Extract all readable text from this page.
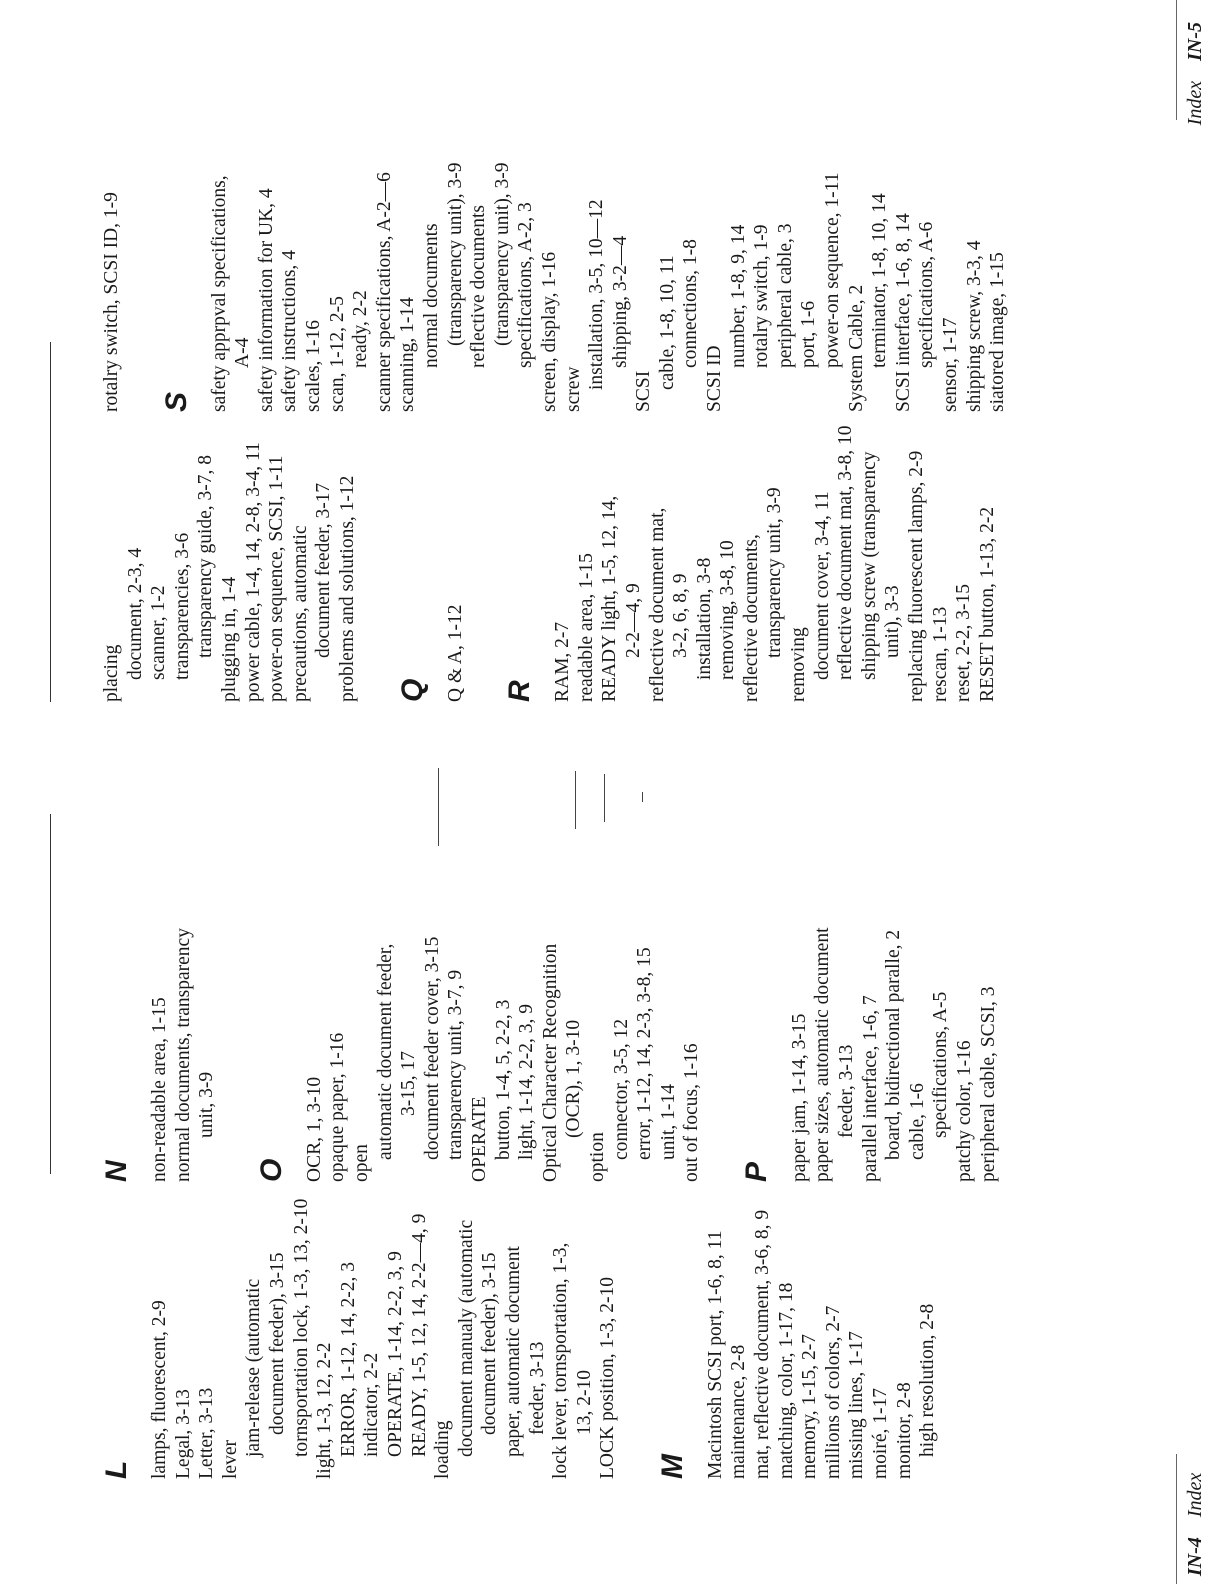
L lamps, fluorescent, 2-9 Legal, 3-13 Letter, 3-13 lever
jam-release (automatic document feeder), 3-15 tornsportation lock, 1-3, 13, 2-10 light, 1-3, 12, 2-2 ERROR, 1-12, 14, 2-2, 3 indicator, 2-2 OPERATE, 1-14, 2-2, 3, 9 READY, 1-5, 12, 14, 2-2—4, 9 loading document manualy (automatic document feeder), 3-15 paper, automatic document feeder, 3-13 lock lever, tornsportation, 1-3, 13, 2-10 LOCK position, 1-3, 2-10 M Macintosh SCSI port, 1-6, 8, 11 maintenance, 2-8 mat, reflective document, 3-6, 8, 9 matching, color, 1-17, 18 memory, 1-15, 2-7 millions of colors, 2-7 missing lines, 1-17 moiré, 1-17 monitor, 2-8 high resolution, 2-8
N non-readable area, 1-15 normal documents, transparency unit, 3-9
O OCR, 1, 3-10 opaque paper, 1-16 open
automatic document feeder, 3-15, 17 document feeder cover, 3-15 transparency unit, 3-7, 9 OPERATE button, 1-4, 5, 2-2, 3 light, 1-14, 2-2, 3, 9 Optical Character Recognition (OCR), 1, 3-10
option connector, 3-5, 12 error, 1-12, 14, 2-3, 3-8, 15 unit, 1-14 out of focus, 1-16 P paper jam, 1-14, 3-15 paper sizes, automatic document feeder, 3-13 parallel interface, 1-6, 7 board, bidirectional paralle, 2 cable, 1-6 specifications, A-5 patchy color, 1-16 peripheral cable, SCSI, 3
IN-4Index
placing document, 2-3, 4 scanner, 1-2 transparencies, 3-6 transparency guide, 3-7, 8 plugging in, 1-4 power cable, 1-4, 14, 2-8, 3-4, 11 power-on sequence, SCSI, 1-11 precautions, automatic document feeder, 3-17 problems and solutions, 1-12 Q Q & A, 1-12 R RAM, 2-7 readable area, 1-15 READY light, 1-5, 12, 14, 2-2—4, 9 reflective document mat, 3-2, 6, 8, 9 installation, 3-8 removing, 3-8, 10 reflective documents, transparency unit, 3-9
removing document cover, 3-4, 11 reflective document mat, 3-8, 10 shipping screw (transparency unit), 3-3 replacing fluorescent lamps, 2-9 rescan, 1-13 reset, 2-2, 3-15 RESET button, 1-13, 2-2
rotalry switch, SCSI ID, 1-9 S safety apprpval specifications, A-4 safety information for UK, 4 safety instructions, 4 scales, 1-16 scan, 1-12, 2-5 ready, 2-2 scanner specifications, A-2—6 scanning, 1-14 normal documents (transparency unit), 3-9 reflective documents (transparency unit), 3-9 specifications, A-2, 3 screen, display, 1-16 screw installation, 3-5, 10—12 shipping, 3-2—4
SCSI
cable, 1-8, 10, 11 connections, 1-8
SCSI ID
number, 1-8, 9, 14 rotalry switch, 1-9 peripheral cable, 3 port, 1-6 power-on sequence, 1-11 System Cable, 2 terminator, 1-8, 10, 14 SCSI interface, 1-6, 8, 14 specifications, A-6 sensor, 1-17 shipping screw, 3-3, 4 siatored image, 1-15
IndexIN-5
